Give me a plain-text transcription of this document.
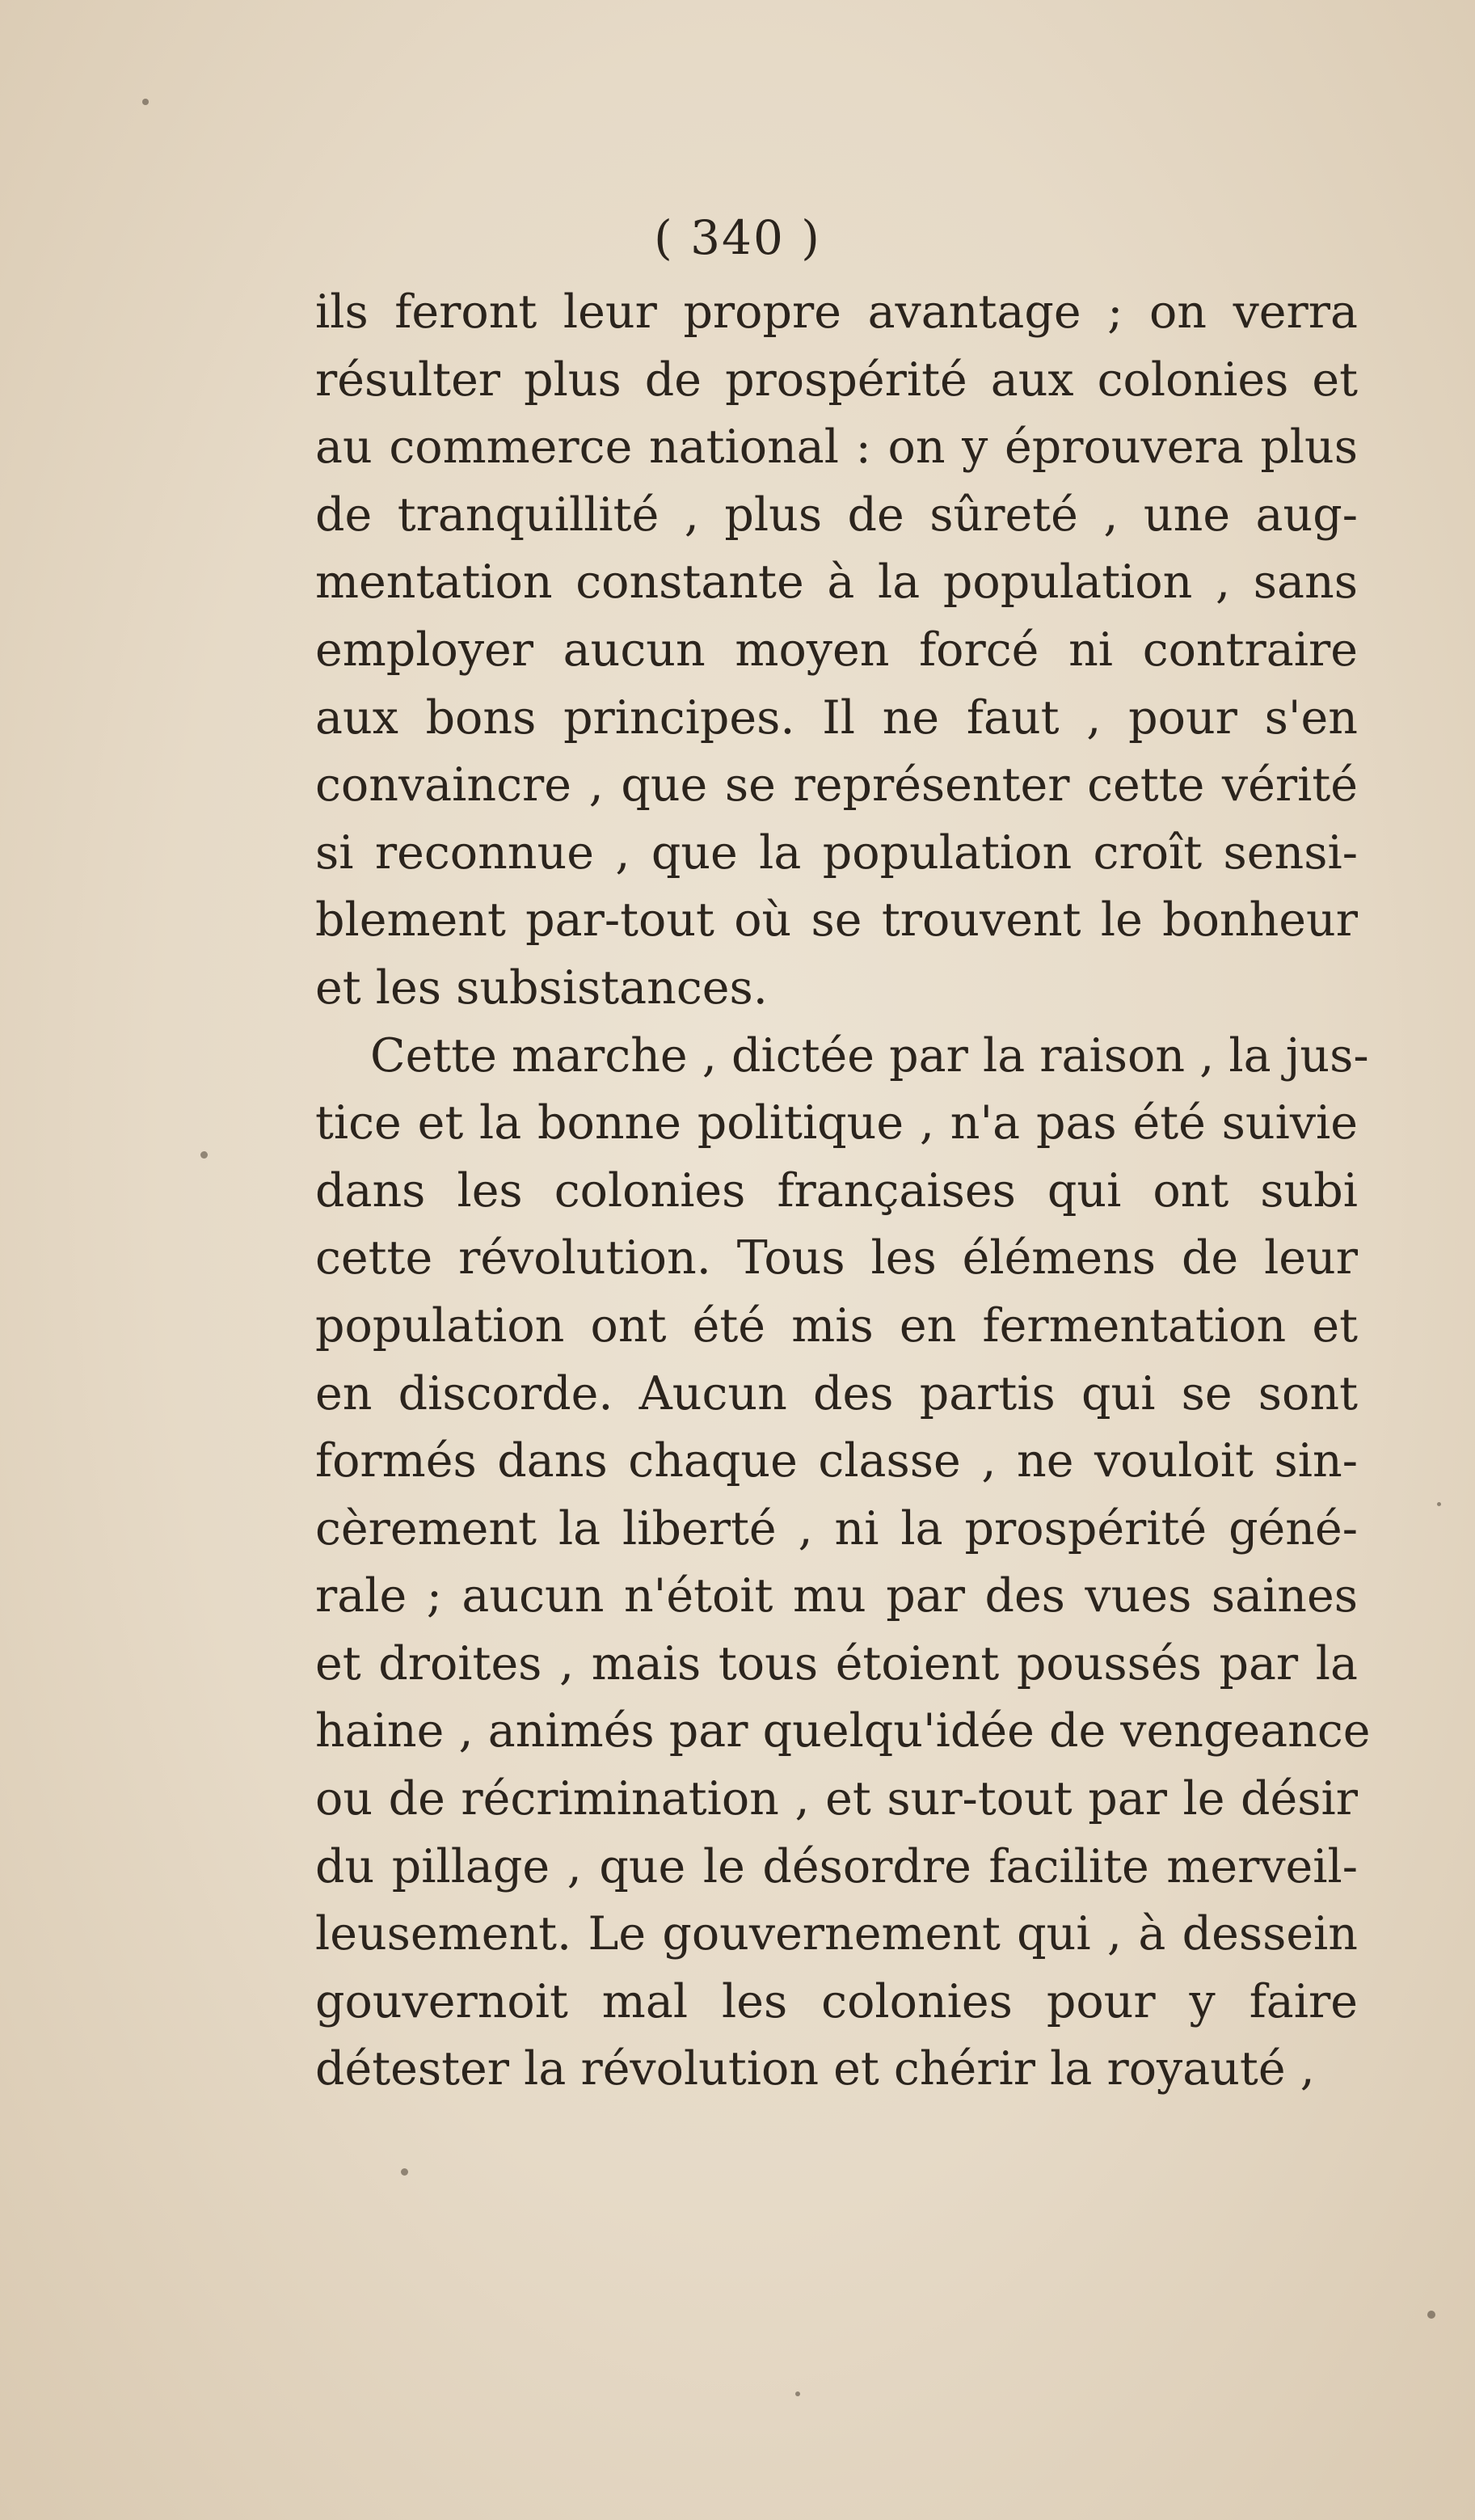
( 340 )
ils feront leur propre avantage ; on verra
résulter plus de prospérité aux colonies et
au commerce national : on y éprouvera plus
de tranquillité , plus de sûreté , une aug-
mentation constante à la population , sans
employer aucun moyen forcé ni contraire
aux bons principes. Il ne faut , pour s'en
convaincre , que se représenter cette vérité
si reconnue , que la population croît sensi-
blement par-tout où se trouvent le bonheur
et les subsistances.
Cette marche , dictée par la raison , la jus-
tice et la bonne politique , n'a pas été suivie
dans les colonies françaises qui ont subi
cette révolution. Tous les élémens de leur
population ont été mis en fermentation et
en discorde. Aucun des partis qui se sont
formés dans chaque classe , ne vouloit sin-
cèrement la liberté , ni la prospérité géné-
rale ; aucun n'étoit mu par des vues saines
et droites , mais tous étoient poussés par la
haine , animés par quelqu'idée de vengeance
ou de récrimination , et sur-tout par le désir
du pillage , que le désordre facilite merveil-
leusement. Le gouvernement qui , à dessein
gouvernoit mal les colonies pour y faire
détester la révolution et chérir la royauté ,
